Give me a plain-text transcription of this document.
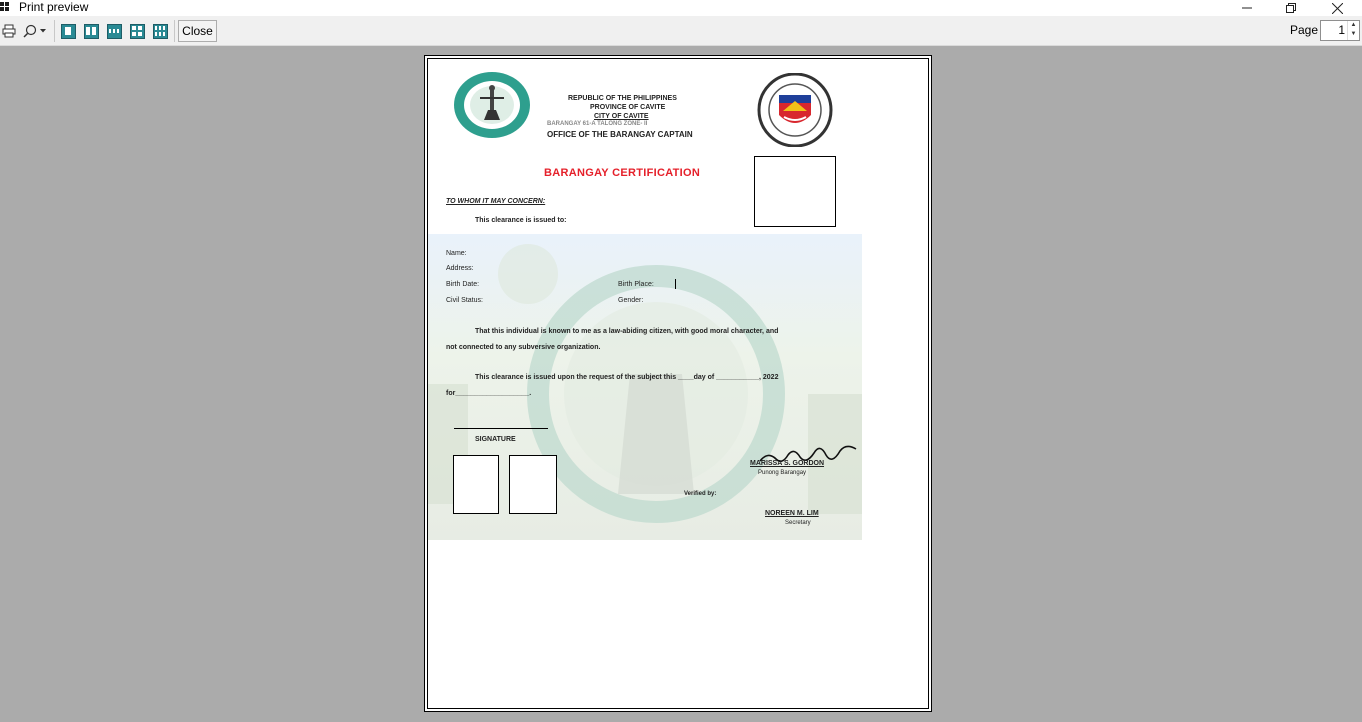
Print preview
Close	Page 1 ▲
▼
REPUBLIC OF THE PHILIPPINES
PROVINCE OF CAVITE
CITY OF CAVITE
BARANGAY 61-A TALONG ZONE- II
OFFICE OF THE BARANGAY CAPTAIN
BARANGAY CERTIFICATION
TO WHOM IT MAY CONCERN:
This clearance is issued to:
Name:
Address:
Birth Date:	Birth Place:
Civil Status:	Gender:
That this individual is known to me as a law-abiding citizen, with good moral character, and
not connected to any subversive organization.
This clearance is issued upon the request of the subject this ____day of ___________, 2022
for___________________.
SIGNATURE
MARISSA S. GORDON
Punong Barangay
Verified by:
NOREEN M. LIM
Secretary
